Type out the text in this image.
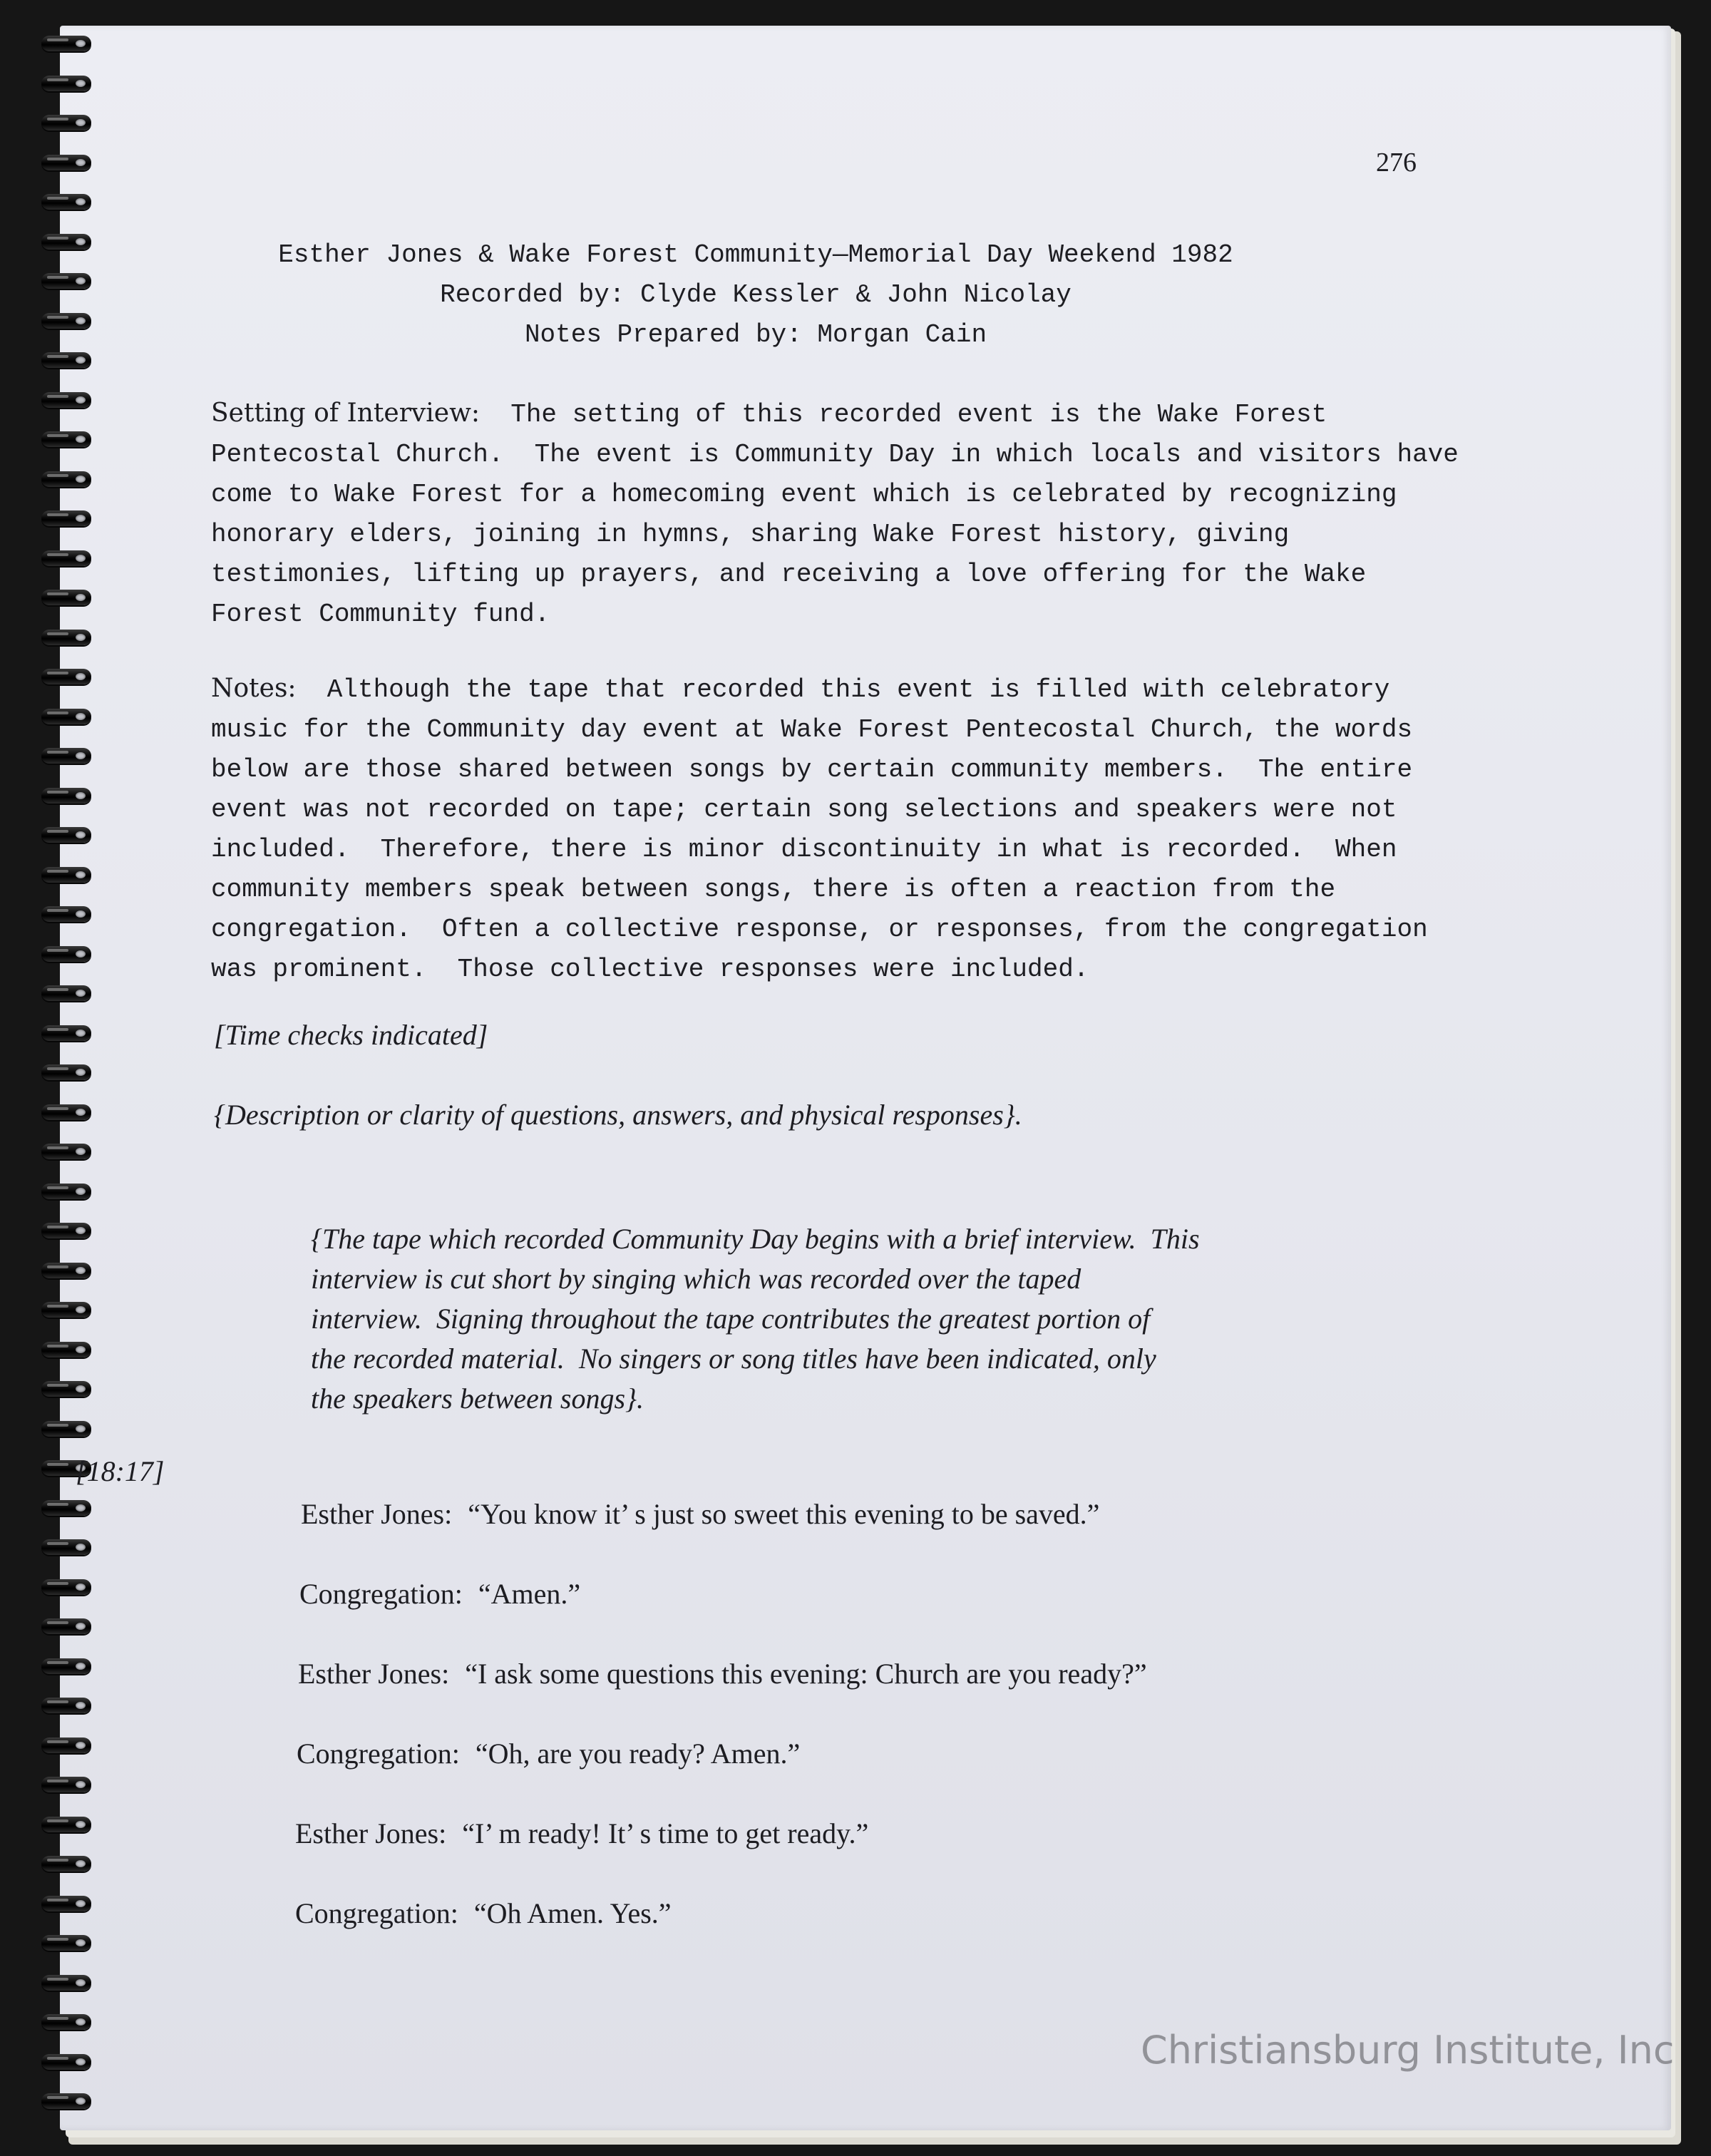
276
Esther Jones & Wake Forest Community—Memorial Day Weekend 1982
Recorded by: Clyde Kessler & John Nicolay
Notes Prepared by: Morgan Cain
Setting of Interview:  The setting of this recorded event is the Wake Forest
Pentecostal Church.  The event is Community Day in which locals and visitors have
come to Wake Forest for a homecoming event which is celebrated by recognizing
honorary elders, joining in hymns, sharing Wake Forest history, giving
testimonies, lifting up prayers, and receiving a love offering for the Wake
Forest Community fund.
Notes:  Although the tape that recorded this event is filled with celebratory
music for the Community day event at Wake Forest Pentecostal Church, the words
below are those shared between songs by certain community members.  The entire
event was not recorded on tape; certain song selections and speakers were not
included.  Therefore, there is minor discontinuity in what is recorded.  When
community members speak between songs, there is often a reaction from the
congregation.  Often a collective response, or responses, from the congregation
was prominent.  Those collective responses were included.
[Time checks indicated]
{Description or clarity of questions, answers, and physical responses}.
{The tape which recorded Community Day begins with a brief interview.  This
interview is cut short by singing which was recorded over the taped
interview.  Signing throughout the tape contributes the greatest portion of
the recorded material.  No singers or song titles have been indicated, only
the speakers between songs}.
[18:17]
Esther Jones: “You know it’ s just so sweet this evening to be saved.”
Congregation: “Amen.”
Esther Jones: “I ask some questions this evening: Church are you ready?”
Congregation: “Oh, are you ready? Amen.”
Esther Jones: “I’ m ready! It’ s time to get ready.”
Congregation: “Oh Amen. Yes.”
Christiansburg Institute, Inc
